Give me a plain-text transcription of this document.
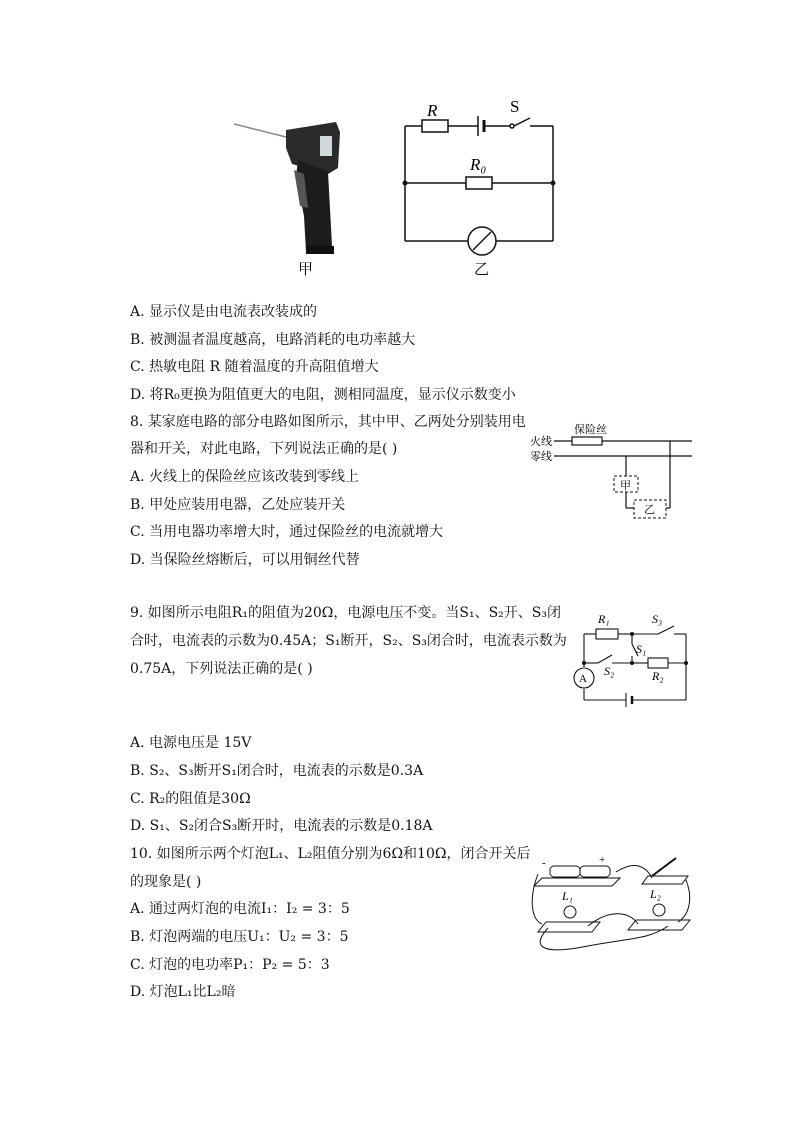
甲
R	S
R₀
乙
A. 显示仪是由电流表改装成的
B. 被测温者温度越高，电路消耗的电功率越大
C. 热敏电阻 R 随着温度的升高阻值增大
D. 将R₀更换为阻值更大的电阻，测相同温度，显示仪示数变小
8. 某家庭电路的部分电路如图所示，其中甲、乙两处分别装用电
器和开关，对此电路，下列说法正确的是( )
A. 火线上的保险丝应该改装到零线上
B. 甲处应装用电器，乙处应装开关
C. 当用电器功率增大时，通过保险丝的电流就增大
D. 当保险丝熔断后，可以用铜丝代替
火线
零线
保险丝
甲
乙
9. 如图所示电阻R₁的阻值为20Ω，电源电压不变。当S₁、S₂开、S₃闭
合时，电流表的示数为0.45A；S₁断开，S₂、S₃闭合时，电流表示数为
0.75A，下列说法正确的是( )
A. 电源电压是 15V
B. S₂、S₃断开S₁闭合时，电流表的示数是0.3A
C. R₂的阻值是30Ω
D. S₁、S₂闭合S₃断开时，电流表的示数是0.18A
A
R₁
R₂
S₁
S₂
S₃
10. 如图所示两个灯泡L₁、L₂阻值分别为6Ω和10Ω，闭合开关后
的现象是( )
A. 通过两灯泡的电流I₁：I₂ = 3：5
B. 灯泡两端的电压U₁：U₂ = 3：5
C. 灯泡的电功率P₁：P₂ = 5：3
D. 灯泡L₁比L₂暗
-	+
L₁	L₂
